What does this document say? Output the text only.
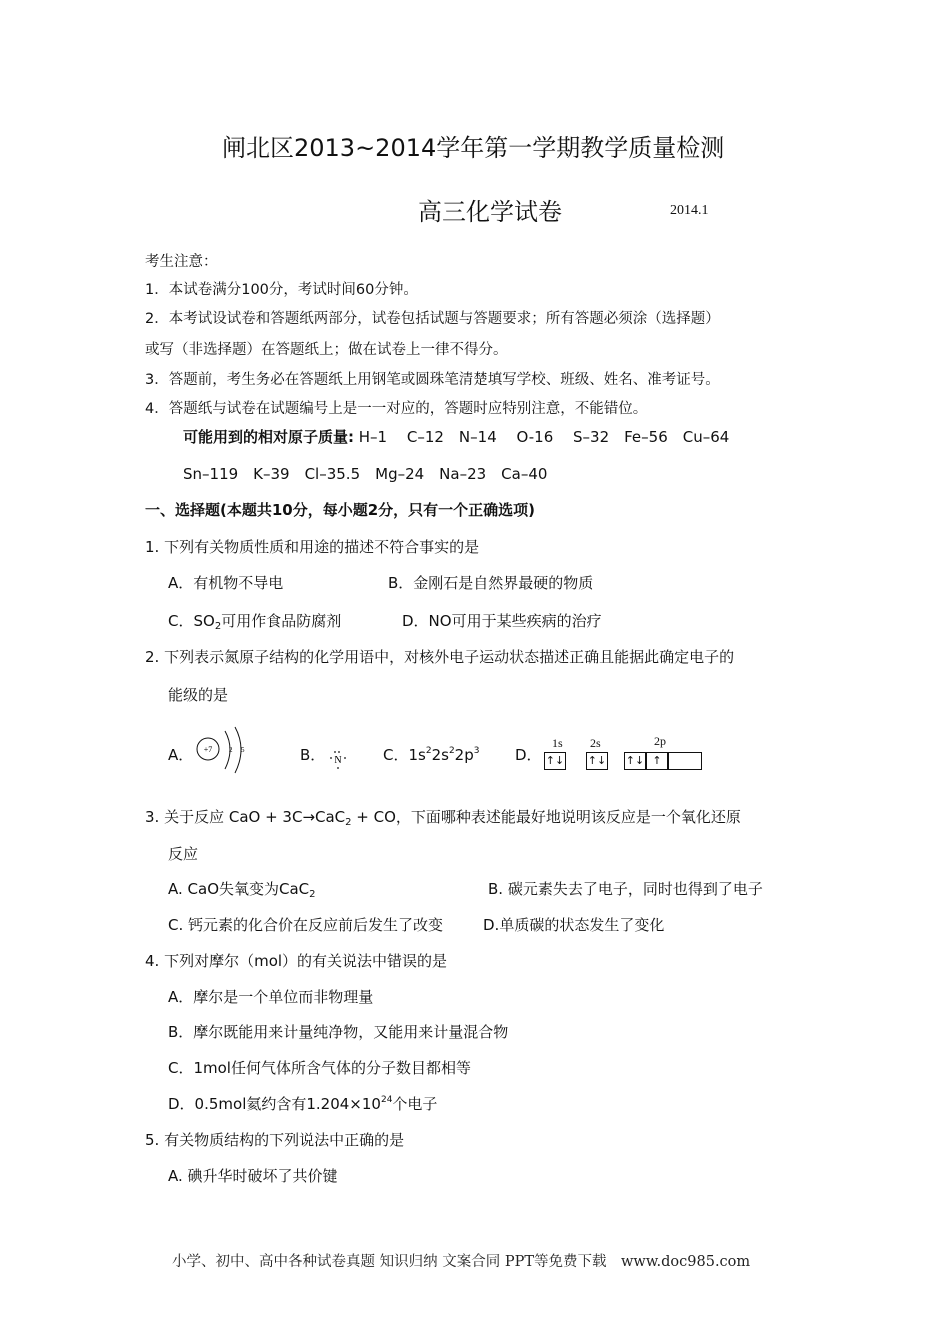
闸北区2013~2014学年第一学期教学质量检测
高三化学试卷	2014.1
考生注意：
1．本试卷满分100分，考试时间60分钟。
2．本考试设试卷和答题纸两部分，试卷包括试题与答题要求；所有答题必须涂（选择题）
或写（非选择题）在答题纸上；做在试卷上一律不得分。
3．答题前，考生务必在答题纸上用钢笔或圆珠笔清楚填写学校、班级、姓名、准考证号。
4．答题纸与试卷在试题编号上是一一对应的，答题时应特别注意，不能错位。
可能用到的相对原子质量: H–1　 C–12　N–14　 O-16　 S–32　Fe–56　Cu–64
Sn–119　K–39　Cl–35.5　Mg–24　Na–23　Ca–40
一、选择题(本题共10分，每小题2分，只有一个正确选项)
1. 下列有关物质性质和用途的描述不符合事实的是
A．有机物不导电	B．金刚石是自然界最硬的物质
C．$SO_2$可用作食品防腐剂	D．NO可用于某些疾病的治疗
2. 下列表示氮原子结构的化学用语中，对核外电子运动状态描述正确且能据此确定电子的
能级的是
A． +7 2 5	B． N	C．$1s^22s^22p^3$ D．
1s 2s	2p
↑↓ ↑↓ ↑↓ ↑
3. 关于反应 CaO + 3C→CaC$_2$ + CO，下面哪种表述能最好地说明该反应是一个氧化还原
反应
A. CaO失氧变为CaC$_2$	B. 碳元素失去了电子，同时也得到了电子
C. 钙元素的化合价在反应前后发生了改变	D.单质碳的状态发生了变化
4. 下列对摩尔（mol）的有关说法中错误的是
A．摩尔是一个单位而非物理量
B．摩尔既能用来计量纯净物，又能用来计量混合物
C．1mol任何气体所含气体的分子数目都相等
D．0.5mol氦约含有$1.204\times 10^{24}$个电子
5. 有关物质结构的下列说法中正确的是
A. 碘升华时破坏了共价键
小学、初中、高中各种试卷真题 知识归纳 文案合同 PPT等免费下载　www.doc985.com
